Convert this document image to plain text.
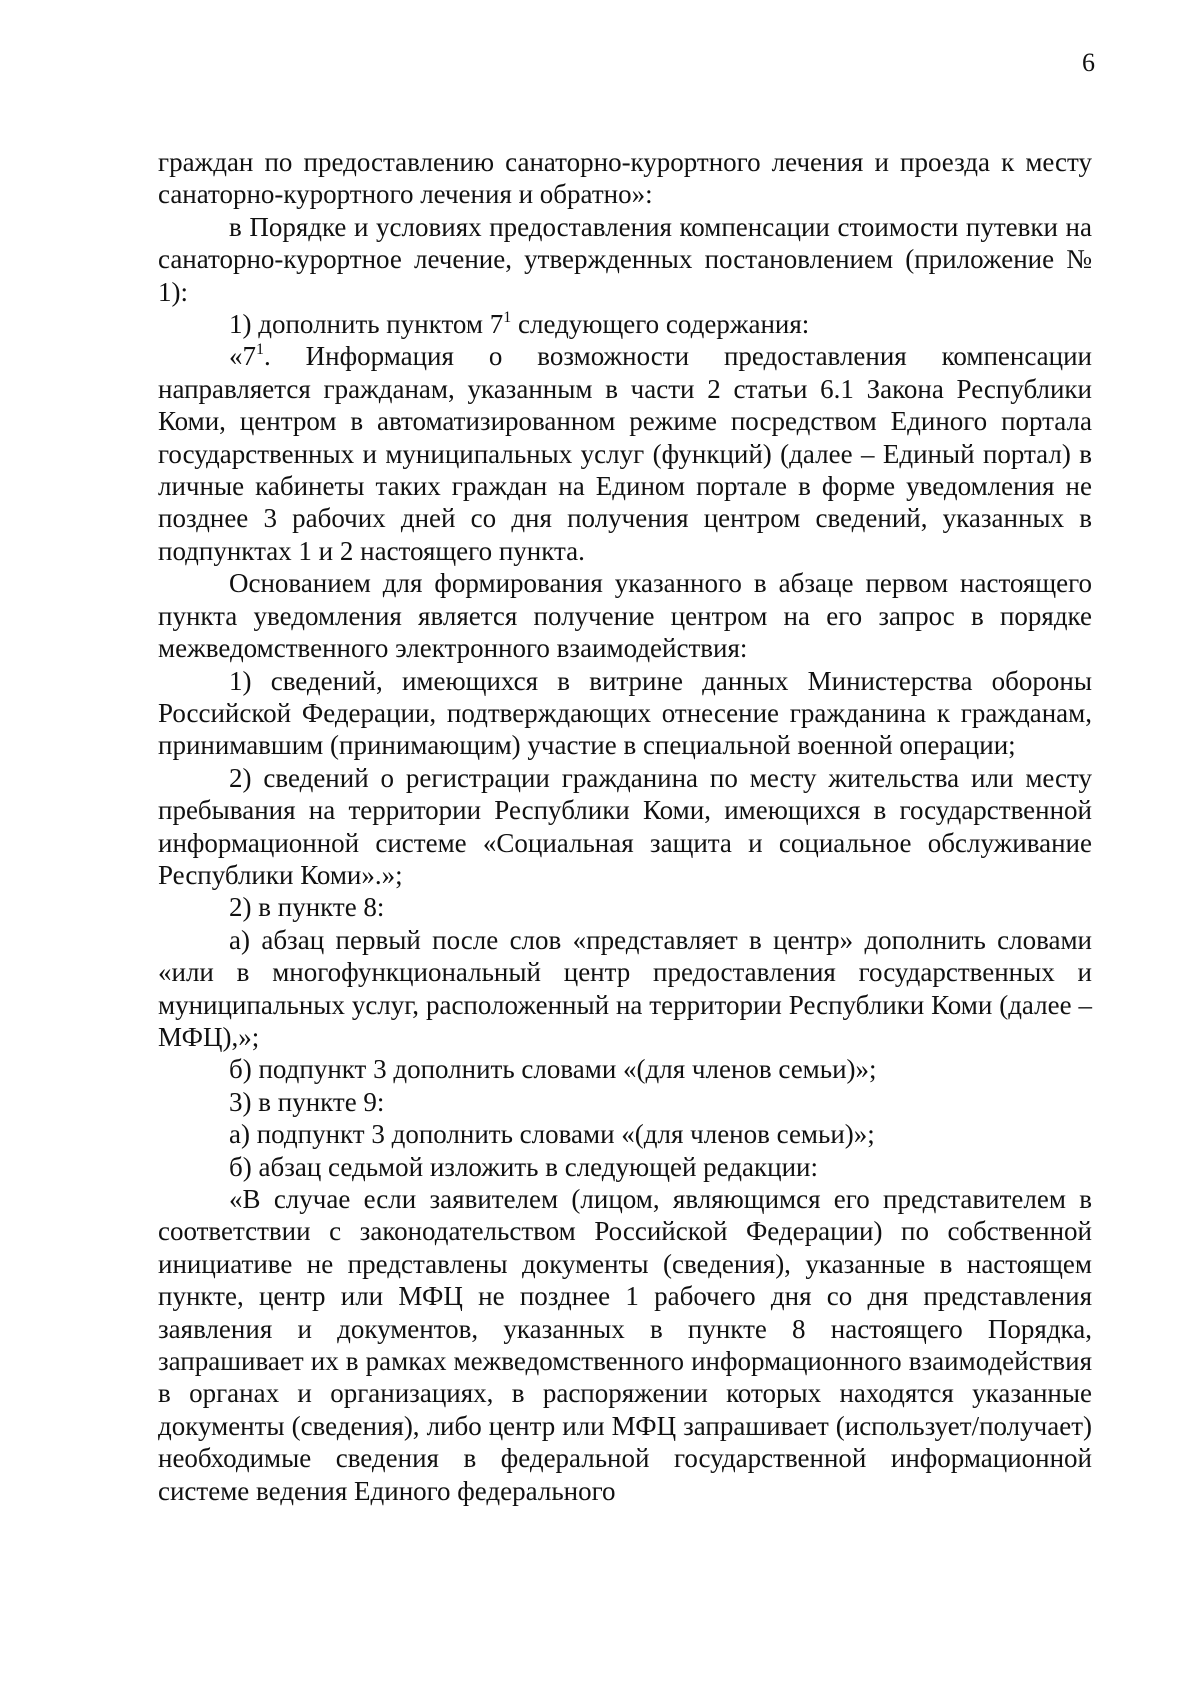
6

граждан по предоставлению санаторно-курортного лечения и проезда к месту санаторно-курортного лечения и обратно»:

в Порядке и условиях предоставления компенсации стоимости путевки на санаторно-курортное лечение, утвержденных постановлением (приложение № 1):

1) дополнить пунктом $7^1$ следующего содержания:

«$7^1$. Информация о возможности предоставления компенсации направляется гражданам, указанным в части 2 статьи 6.1 Закона Республики Коми, центром в автоматизированном режиме посредством Единого портала государственных и муниципальных услуг (функций) (далее – Единый портал) в личные кабинеты таких граждан на Едином портале в форме уведомления не позднее 3 рабочих дней со дня получения центром сведений, указанных в подпунктах 1 и 2 настоящего пункта.

Основанием для формирования указанного в абзаце первом настоящего пункта уведомления является получение центром на его запрос в порядке межведомственного электронного взаимодействия:

1) сведений, имеющихся в витрине данных Министерства обороны Российской Федерации, подтверждающих отнесение гражданина к гражданам, принимавшим (принимающим) участие в специальной военной операции;

2) сведений о регистрации гражданина по месту жительства или месту пребывания на территории Республики Коми, имеющихся в государственной информационной системе «Социальная защита и социальное обслуживание Республики Коми».»;

2) в пункте 8:

а) абзац первый после слов «представляет в центр» дополнить словами «или в многофункциональный центр предоставления государственных и муниципальных услуг, расположенный на территории Республики Коми (далее – МФЦ),»;

б) подпункт 3 дополнить словами «(для членов семьи)»;

3) в пункте 9:

а) подпункт 3 дополнить словами «(для членов семьи)»;

б) абзац седьмой изложить в следующей редакции:

«В случае если заявителем (лицом, являющимся его представителем в соответствии с законодательством Российской Федерации) по собственной инициативе не представлены документы (сведения), указанные в настоящем пункте, центр или МФЦ не позднее 1 рабочего дня со дня представления заявления и документов, указанных в пункте 8 настоящего Порядка, запрашивает их в рамках межведомственного информационного взаимодействия в органах и организациях, в распоряжении которых находятся указанные документы (сведения), либо центр или МФЦ запрашивает (использует/получает) необходимые сведения в федеральной государственной информационной системе ведения Единого федерального
